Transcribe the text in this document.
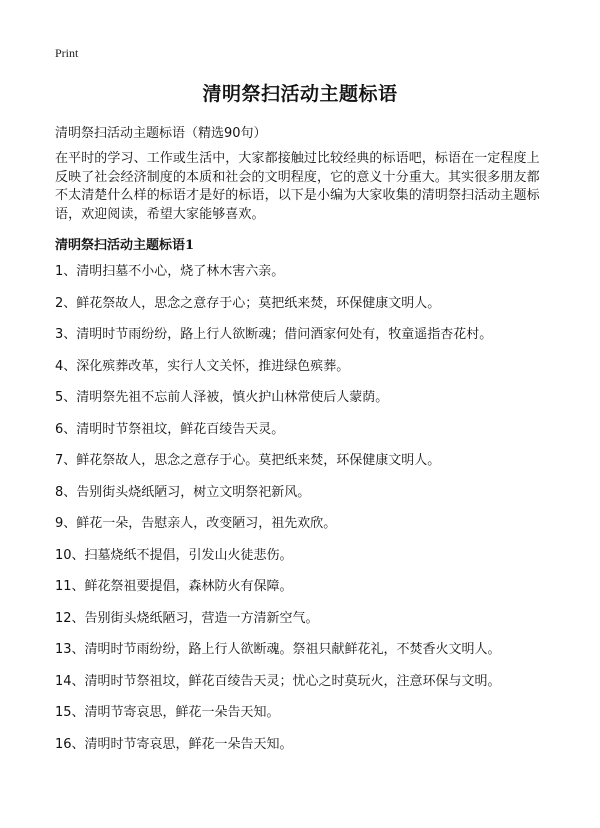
Print
清明祭扫活动主题标语

清明祭扫活动主题标语（精选90句）

在平时的学习、工作或生活中，大家都接触过比较经典的标语吧，标语在一定程度上反映了社会经济制度的本质和社会的文明程度，它的意义十分重大。其实很多朋友都不太清楚什么样的标语才是好的标语，以下是小编为大家收集的清明祭扫活动主题标语，欢迎阅读，希望大家能够喜欢。

清明祭扫活动主题标语1
1、清明扫墓不小心，烧了林木害六亲。
2、鲜花祭故人，思念之意存于心；莫把纸来焚，环保健康文明人。
3、清明时节雨纷纷，路上行人欲断魂；借问酒家何处有，牧童遥指杏花村。
4、深化殡葬改革，实行人文关怀，推进绿色殡葬。
5、清明祭先祖不忘前人泽被，慎火护山林常使后人蒙荫。
6、清明时节祭祖坟，鲜花百绫告天灵。
7、鲜花祭故人，思念之意存于心。莫把纸来焚，环保健康文明人。
8、告别街头烧纸陋习，树立文明祭祀新风。
9、鲜花一朵，告慰亲人，改变陋习，祖先欢欣。
10、扫墓烧纸不提倡，引发山火徒悲伤。
11、鲜花祭祖要提倡，森林防火有保障。
12、告别街头烧纸陋习，营造一方清新空气。
13、清明时节雨纷纷，路上行人欲断魂。祭祖只献鲜花礼，不焚香火文明人。
14、清明时节祭祖坟，鲜花百绫告天灵；忧心之时莫玩火，注意环保与文明。
15、清明节寄哀思，鲜花一朵告天知。
16、清明时节寄哀思，鲜花一朵告天知。
